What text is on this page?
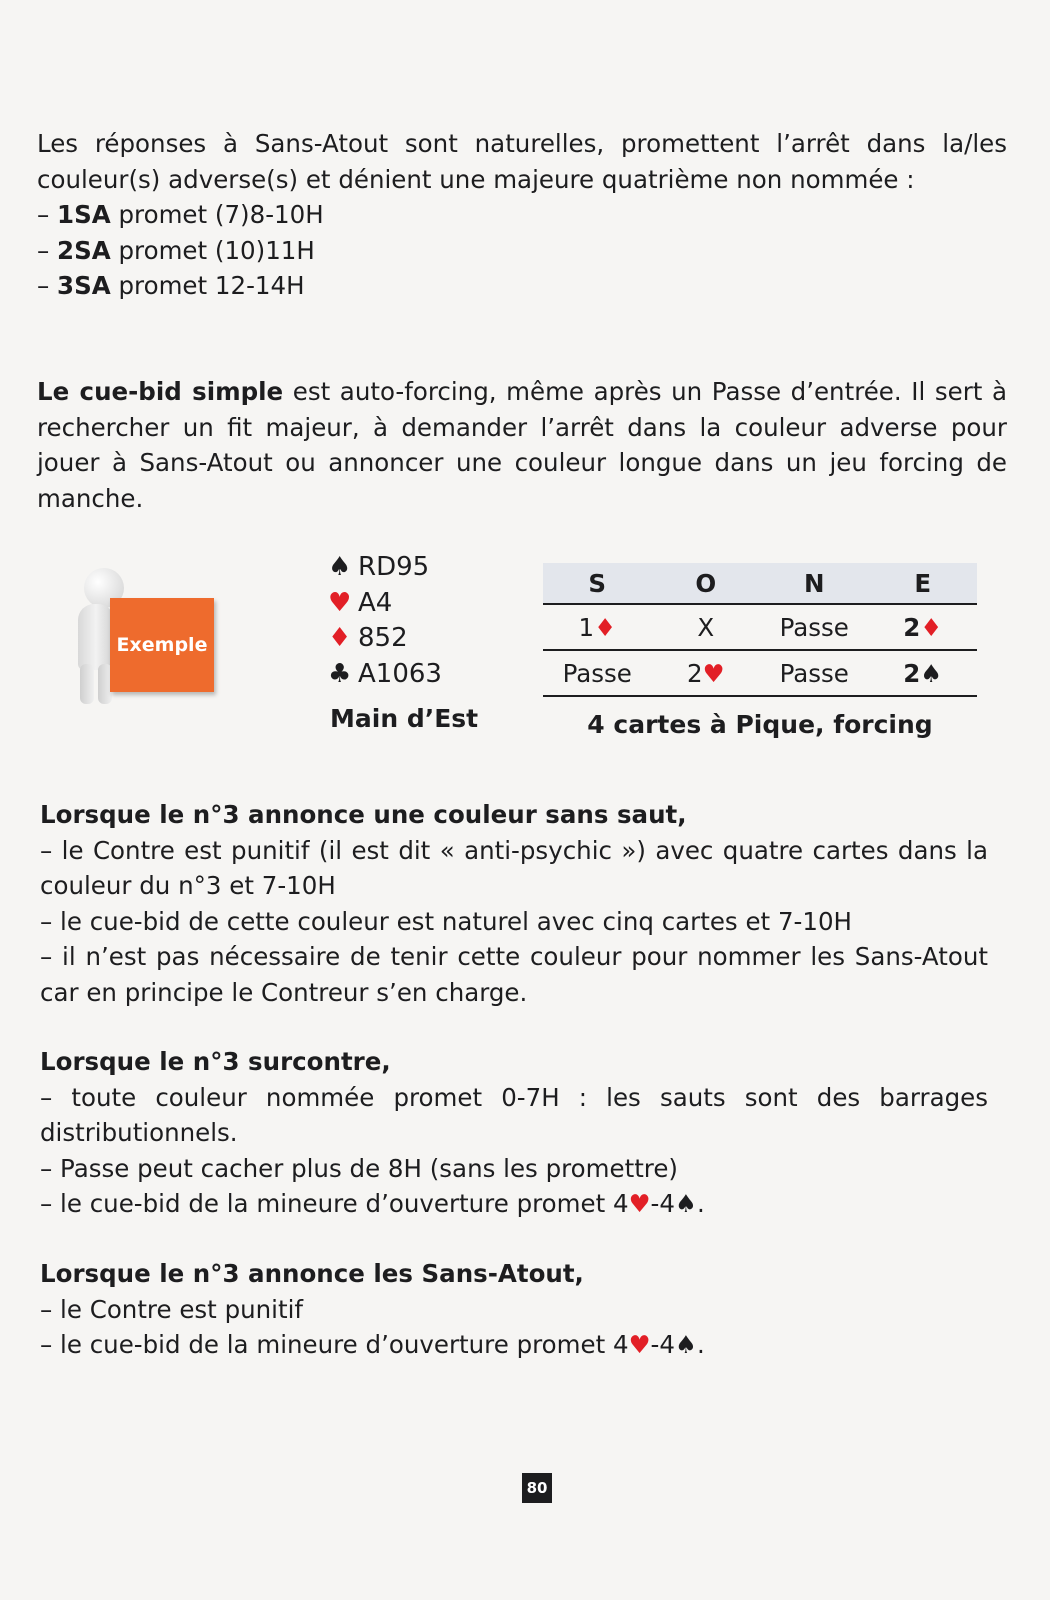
Les réponses à Sans-Atout sont naturelles, promettent l’arrêt dans la/les couleur(s) adverse(s) et dénient une majeure quatrième non nommée :

– 1SA promet (7)8-10H
– 2SA promet (10)11H
– 3SA promet 12-14H

Le cue-bid simple est auto-forcing, même après un Passe d’entrée. Il sert à rechercher un fit majeur, à demander l’arrêt dans la couleur adverse pour jouer à Sans-Atout ou annoncer une couleur longue dans un jeu forcing de manche.

Exemple
♠ RD95
♥ A4
♦ 852
♣ A1063
Main d’Est
S	O	N	E
1♦	X	Passe	2♦
Passe	2♥	Passe	2♠
4 cartes à Pique, forcing
Lorsque le n°3 annonce une couleur sans saut,
– le Contre est punitif (il est dit « anti-psychic ») avec quatre cartes dans la couleur du n°3 et 7-10H
– le cue-bid de cette couleur est naturel avec cinq cartes et 7-10H
– il n’est pas nécessaire de tenir cette couleur pour nommer les Sans-Atout car en principe le Contreur s’en charge.
Lorsque le n°3 surcontre,
– toute couleur nommée promet 0-7H : les sauts sont des barrages distributionnels.
– Passe peut cacher plus de 8H (sans les promettre)
– le cue-bid de la mineure d’ouverture promet 4♥-4♠.
Lorsque le n°3 annonce les Sans-Atout,
– le Contre est punitif
– le cue-bid de la mineure d’ouverture promet 4♥-4♠.
80
